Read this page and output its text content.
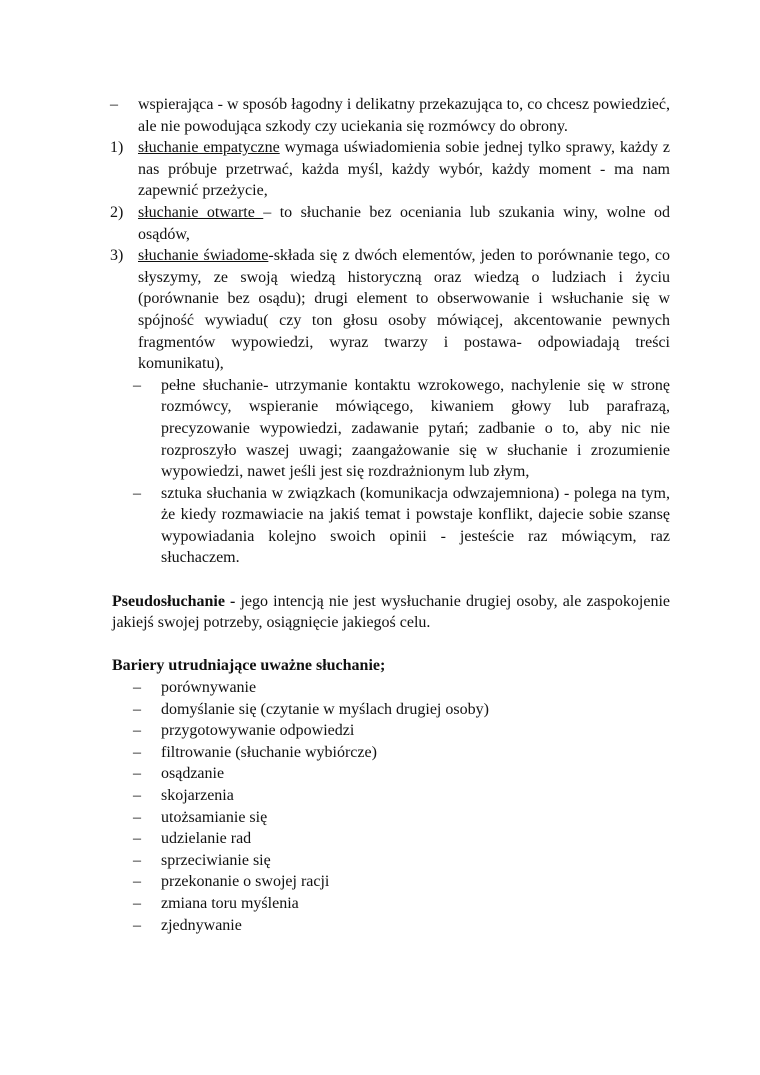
– wspierająca - w sposób łagodny i delikatny przekazująca to, co chcesz powiedzieć, ale nie powodująca szkody czy uciekania się rozmówcy do obrony.
1) słuchanie empatyczne wymaga uświadomienia sobie jednej tylko sprawy, każdy z nas próbuje przetrwać, każda myśl, każdy wybór, każdy moment - ma nam zapewnić przeżycie,
2) słuchanie otwarte – to słuchanie bez oceniania lub szukania winy, wolne od osądów,
3) słuchanie świadome-składa się z dwóch elementów, jeden to porównanie tego, co słyszymy, ze swoją wiedzą historyczną oraz wiedzą o ludziach i życiu (porównanie bez osądu); drugi element to obserwowanie i wsłuchanie się w spójność wywiadu( czy ton głosu osoby mówiącej, akcentowanie pewnych fragmentów wypowiedzi, wyraz twarzy i postawa- odpowiadają treści komunikatu),
– pełne słuchanie- utrzymanie kontaktu wzrokowego, nachylenie się w stronę rozmówcy, wspieranie mówiącego, kiwaniem głowy lub parafrazą, precyzowanie wypowiedzi, zadawanie pytań; zadbanie o to, aby nic nie rozproszyło waszej uwagi; zaangażowanie się w słuchanie i zrozumienie wypowiedzi, nawet jeśli jest się rozdrażnionym lub złym,
– sztuka słuchania w związkach (komunikacja odwzajemniona) - polega na tym, że kiedy rozmawiacie na jakiś temat i powstaje konflikt, dajecie sobie szansę wypowiadania kolejno swoich opinii - jesteście raz mówiącym, raz słuchaczem.

Pseudosłuchanie - jego intencją nie jest wysłuchanie drugiej osoby, ale zaspokojenie jakiejś swojej potrzeby, osiągnięcie jakiegoś celu.

Bariery utrudniające uważne słuchanie;

– porównywanie
– domyślanie się (czytanie w myślach drugiej osoby)
– przygotowywanie odpowiedzi
– filtrowanie (słuchanie wybiórcze)
– osądzanie
– skojarzenia
– utożsamianie się
– udzielanie rad
– sprzeciwianie się
– przekonanie o swojej racji
– zmiana toru myślenia
– zjednywanie
